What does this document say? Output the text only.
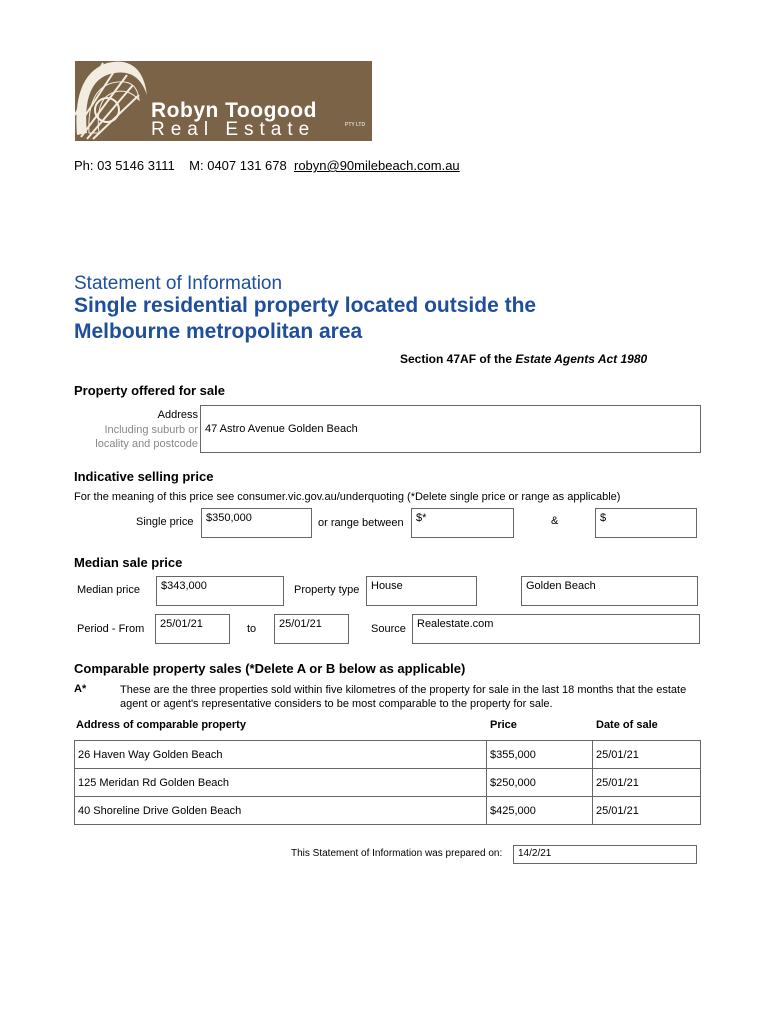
Robyn Toogood
Real Estate	PTY LTD
Ph: 03 5146 3111 M: 0407 131 678 robyn@90milebeach.com.au
Statement of Information
Single residential property located outside the Melbourne metropolitan area
Section 47AF of the Estate Agents Act 1980
Property offered for sale
Address
Including suburb or
locality and postcode
47 Astro Avenue Golden Beach
Indicative selling price
For the meaning of this price see consumer.vic.gov.au/underquoting (*Delete single price or range as applicable)
Single price	$350,000	or range between	$*	&	$
Median sale price
Median price	$343,000	Property type	House	Golden Beach
Period - From	25/01/21	to	25/01/21	Source	Realestate.com
Comparable property sales (*Delete A or B below as applicable)
A*	These are the three properties sold within five kilometres of the property for sale in the last 18 months that the estate agent or agent's representative considers to be most comparable to the property for sale.
Address of comparable property	Price	Date of sale
26 Haven Way Golden Beach	$355,000	25/01/21
125 Meridan Rd Golden Beach	$250,000	25/01/21
40 Shoreline Drive Golden Beach	$425,000	25/01/21
This Statement of Information was prepared on:	14/2/21
